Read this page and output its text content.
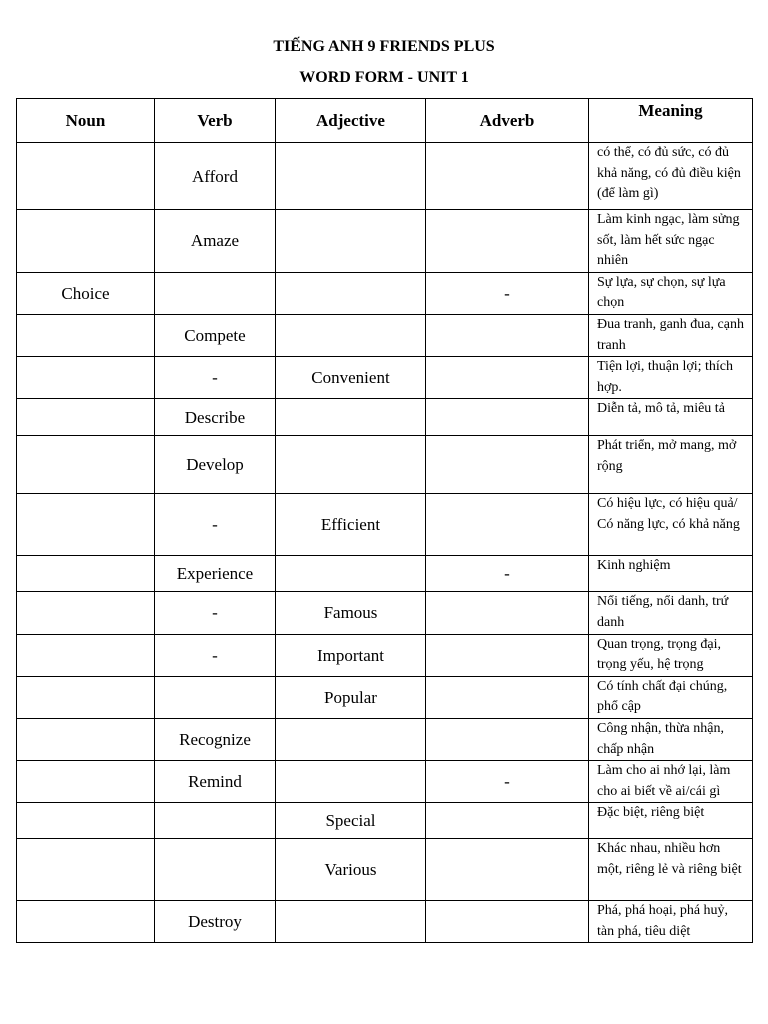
TIẾNG ANH 9 FRIENDS PLUS
WORD FORM - UNIT 1
Noun	Verb	Adjective	Adverb	Meaning
	Afford			có thể, có đủ sức, có đủ khả năng, có đủ điều kiện (để làm gì)
	Amaze			Làm kinh ngạc, làm sửng sốt, làm hết sức ngạc nhiên
Choice			-	Sự lựa, sự chọn, sự lựa chọn
	Compete			Đua tranh, ganh đua, cạnh tranh
	-	Convenient		Tiện lợi, thuận lợi; thích hợp.
	Describe			Diễn tả, mô tả, miêu tả
	Develop			Phát triển, mở mang, mở rộng
	-	Efficient		Có hiệu lực, có hiệu quả/ Có năng lực, có khả năng
	Experience		-	Kinh nghiệm
	-	Famous		Nổi tiếng, nổi danh, trứ danh
	-	Important		Quan trọng, trọng đại, trọng yếu, hệ trọng
		Popular		Có tính chất đại chúng, phổ cập
	Recognize			Công nhận, thừa nhận, chấp nhận
	Remind		-	Làm cho ai nhớ lại, làm cho ai biết về ai/cái gì
		Special		Đặc biệt, riêng biệt
		Various		Khác nhau, nhiều hơn một, riêng lẻ và riêng biệt
	Destroy			Phá, phá hoại, phá huỷ, tàn phá, tiêu diệt
